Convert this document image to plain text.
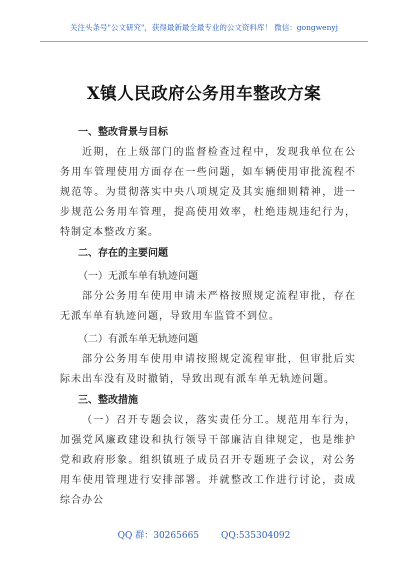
关注头条号"公文研究"，获得最新最全最专业的公文资料库！ 微信：gongwenyj
X镇人民政府公务用车整改方案
一、整改背景与目标

近期，在上级部门的监督检查过程中，发现我单位在公务用车管理使用方面存在一些问题，如车辆使用审批流程不规范等。为贯彻落实中央八项规定及其实施细则精神，进一步规范公务用车管理，提高使用效率，杜绝违规违纪行为，特制定本整改方案。

二、存在的主要问题
（一）无派车单有轨迹问题

部分公务用车使用申请未严格按照规定流程审批，存在无派车单有轨迹问题，导致用车监管不到位。

（二）有派车单无轨迹问题

部分公务用车使用申请按照规定流程审批，但审批后实际未出车没有及时撤销，导致出现有派车单无轨迹问题。

三、整改措施

（一）召开专题会议，落实责任分工。规范用车行为，加强党风廉政建设和执行领导干部廉洁自律规定，也是维护党和政府形象。组织镇班子成员召开专题班子会议，对公务用车使用管理进行安排部署。并就整改工作进行讨论，责成综合办公

QQ 群：30265665 QQ:535304092
